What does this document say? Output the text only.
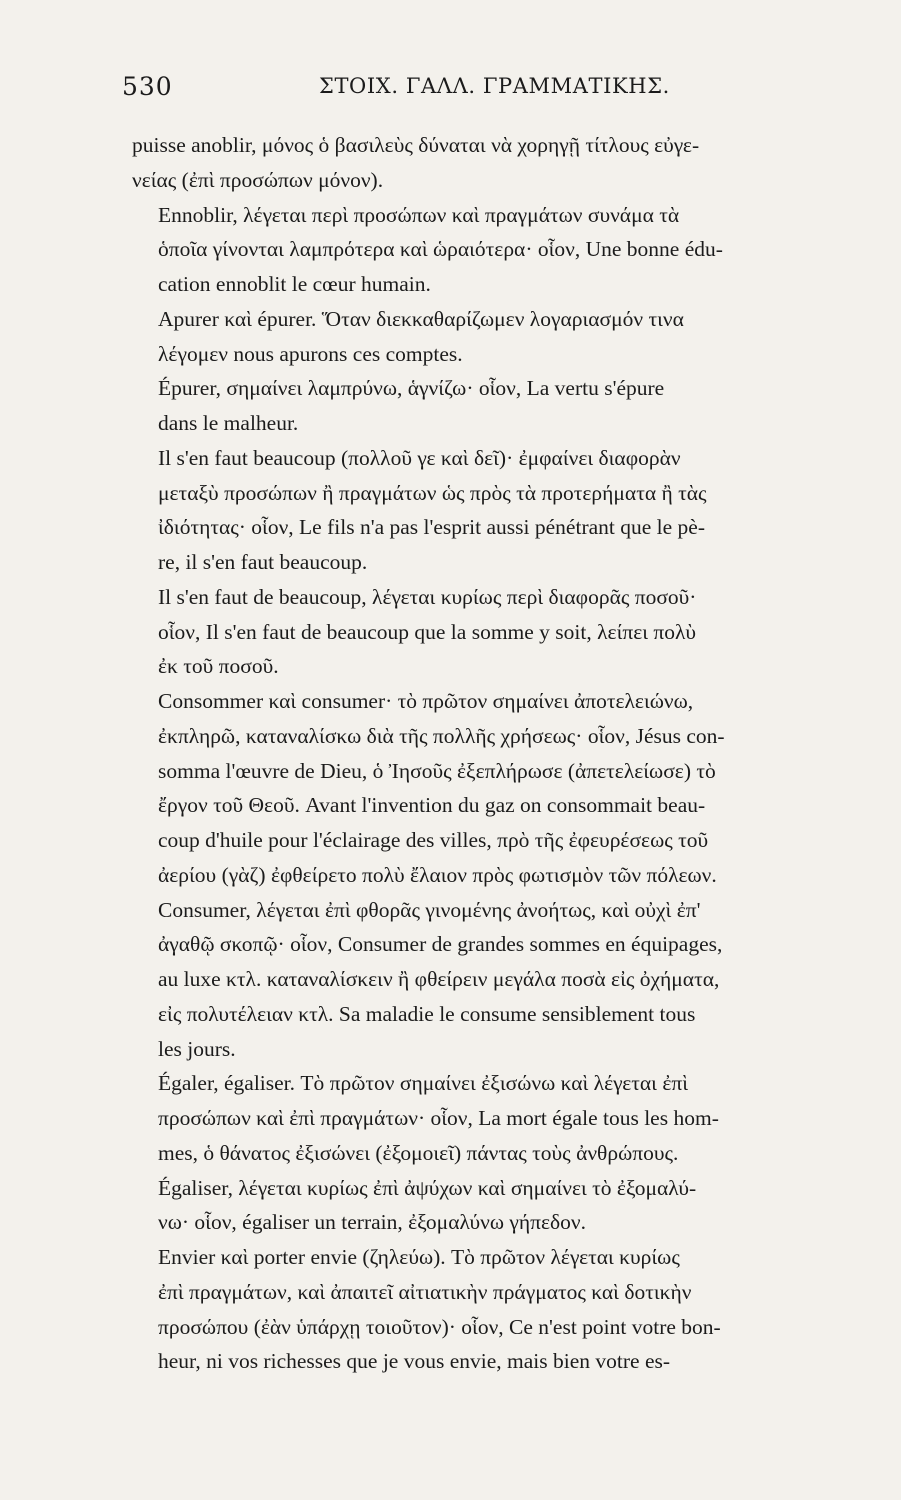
530	ΣΤΟΙΧ. ΓΑΛΛ. ΓΡΑΜΜΑΤΙΚΗΣ.

puisse anoblir, μόνος ὁ βασιλεὺς δύναται νὰ χορηγῇ τίτλους εὐγε-
νείας (ἐπὶ προσώπων μόνον).

Ennoblir, λέγεται περὶ προσώπων καὶ πραγμάτων συνάμα τὰ
ὁποῖα γίνονται λαμπρότερα καὶ ὡραιότερα· οἷον, Une bonne édu-
cation ennoblit le cœur humain.

Apurer καὶ épurer. Ὅταν διεκκαθαρίζωμεν λογαριασμόν τινα
λέγομεν nous apurons ces comptes.

Épurer, σημαίνει λαμπρύνω, ἁγνίζω· οἷον, La vertu s'épure
dans le malheur.

Il s'en faut beaucoup (πολλοῦ γε καὶ δεῖ)· ἐμφαίνει διαφορὰν
μεταξὺ προσώπων ἢ πραγμάτων ὡς πρὸς τὰ προτερήματα ἢ τὰς
ἰδιότητας· οἷον, Le fils n'a pas l'esprit aussi pénétrant que le pè-
re, il s'en faut beaucoup.

Il s'en faut de beaucoup, λέγεται κυρίως περὶ διαφορᾶς ποσοῦ·
οἷον, Il s'en faut de beaucoup que la somme y soit, λείπει πολὺ
ἐκ τοῦ ποσοῦ.

Consommer καὶ consumer· τὸ πρῶτον σημαίνει ἀποτελειώνω,
ἐκπληρῶ, καταναλίσκω διὰ τῆς πολλῆς χρήσεως· οἷον, Jésus con-
somma l'œuvre de Dieu, ὁ Ἰησοῦς ἐξεπλήρωσε (ἀπετελείωσε) τὸ
ἔργον τοῦ Θεοῦ. Avant l'invention du gaz on consommait beau-
coup d'huile pour l'éclairage des villes, πρὸ τῆς ἐφευρέσεως τοῦ
ἀερίου (γὰζ) ἐφθείρετο πολὺ ἔλαιον πρὸς φωτισμὸν τῶν πόλεων.

Consumer, λέγεται ἐπὶ φθορᾶς γινομένης ἀνοήτως, καὶ οὐχὶ ἐπ'
ἀγαθῷ σκοπῷ· οἷον, Consumer de grandes sommes en équipages,
au luxe κτλ. καταναλίσκειν ἢ φθείρειν μεγάλα ποσὰ εἰς ὀχήματα,
εἰς πολυτέλειαν κτλ. Sa maladie le consume sensiblement tous
les jours.

Égaler, égaliser. Τὸ πρῶτον σημαίνει ἐξισώνω καὶ λέγεται ἐπὶ
προσώπων καὶ ἐπὶ πραγμάτων· οἷον, La mort égale tous les hom-
mes, ὁ θάνατος ἐξισώνει (ἐξομοιεῖ) πάντας τοὺς ἀνθρώπους.

Égaliser, λέγεται κυρίως ἐπὶ ἀψύχων καὶ σημαίνει τὸ ἐξομαλύ-
νω· οἷον, égaliser un terrain, ἐξομαλύνω γήπεδον.

Envier καὶ porter envie (ζηλεύω). Τὸ πρῶτον λέγεται κυρίως
ἐπὶ πραγμάτων, καὶ ἀπαιτεῖ αἰτιατικὴν πράγματος καὶ δοτικὴν
προσώπου (ἐὰν ὑπάρχῃ τοιοῦτον)· οἷον, Ce n'est point votre bon-
heur, ni vos richesses que je vous envie, mais bien votre es-
